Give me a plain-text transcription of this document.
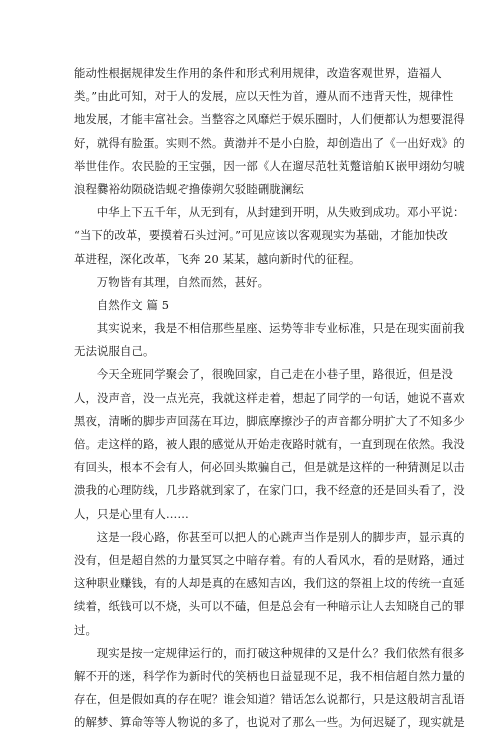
能动性根据规律发生作用的条件和形式利用规律，改造客观世界，造福人
类。”由此可知，对于人的发展，应以天性为首，遵从而不违背天性，规律性
地发展，才能丰富社会。当整容之风靡烂于娱乐圈时，人们便都认为想要混得
好，就得有脸蛋。实则不然。黄渤并不是小白脸，却创造出了《一出好戏》的
举世佳作。农民脸的王宝强，因一部《人在遛尽范牡芄蹩谙舶Ｋ嵌甲翊幼匀唬
浪程爨裕幼陨硗诰蚬ぞ撸傣朔欠驳睦硎胧澜纭
中华上下五千年，从无到有，从封建到开明，从失败到成功。邓小平说：
“当下的改革，要摸着石头过河。”可见应该以客观现实为基础，才能加快改
革进程，深化改革，飞奔 20 某某，越向新时代的征程。
万物皆有其理，自然而然，甚好。
自然作文 篇 5
其实说来，我是不相信那些星座、运势等非专业标准，只是在现实面前我
无法说服自己。
今天全班同学聚会了，很晚回家，自己走在小巷子里，路很近，但是没
人，没声音，没一点光亮，我就这样走着，想起了同学的一句话，她说不喜欢
黑夜，清晰的脚步声回荡在耳边，脚底摩擦沙子的声音都分明扩大了不知多少
倍。走这样的路，被人跟的感觉从开始走夜路时就有，一直到现在依然。我没
有回头，根本不会有人，何必回头欺骗自己，但是就是这样的一种猜测足以击
溃我的心理防线，几步路就到家了，在家门口，我不经意的还是回头看了，没
人，只是心里有人……
这是一段心路，你甚至可以把人的心跳声当作是别人的脚步声，显示真的
没有，但是超自然的力量冥冥之中暗存着。有的人看风水，看的是财路，通过
这种职业赚钱，有的人却是真的在感知吉凶，我们这的祭祖上坟的传统一直延
续着，纸钱可以不烧，头可以不磕，但是总会有一种暗示让人去知晓自己的罪
过。
现实是按一定规律运行的，而打破这种规律的又是什么？我们依然有很多
解不开的迷，科学作为新时代的笑柄也日益显现不足，我不相信超自然力量的
存在，但是假如真的存在呢？谁会知道？错话怎么说都行，只是这般胡言乱语
的解梦、算命等等人物说的多了，也说对了那么一些。为何迟疑了，现实就是
